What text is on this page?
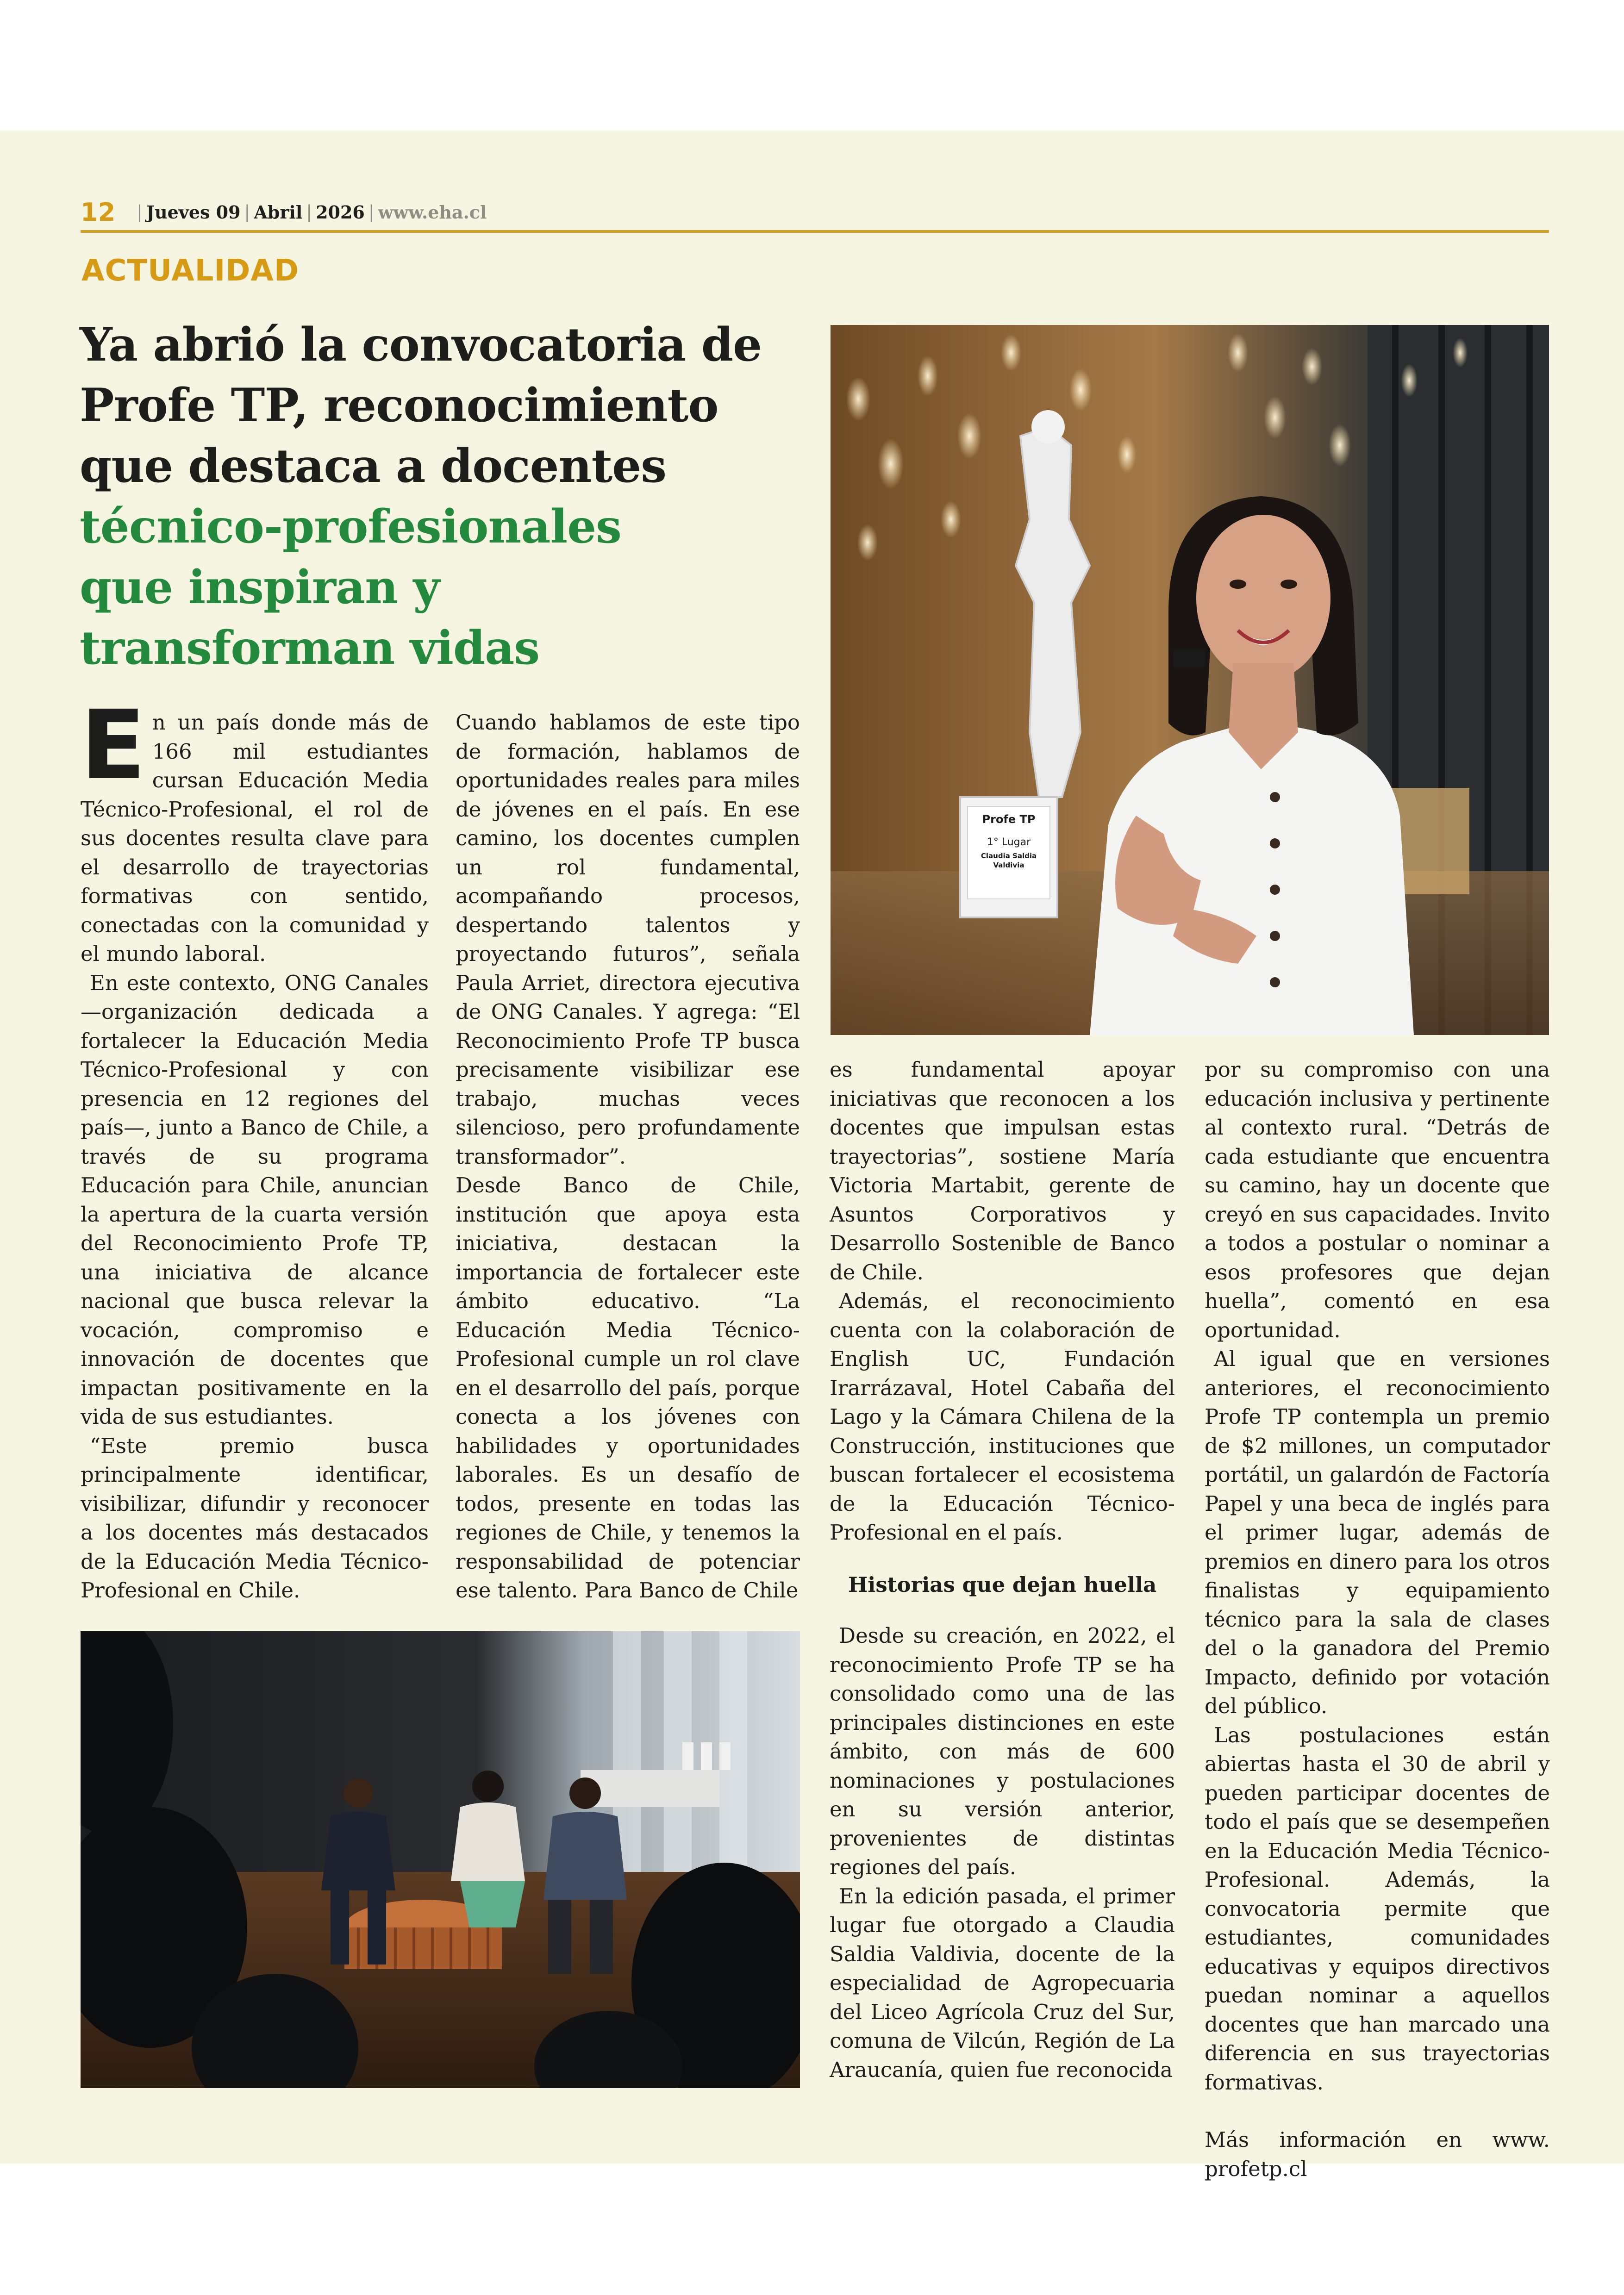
12 | Jueves 09 | Abril | 2026 | www.eha.cl
ACTUALIDAD
Ya abrió la convocatoria de
Profe TP, reconocimiento
que destaca a docentes
técnico-profesionales
que inspiran y
transforman vidas
Profe TP
1° Lugar
Claudia Saldia
Valdivia
E n un país donde más de 166 mil estudiantes cursan Educación Media Técnico-Profesional, el rol de sus docentes resulta clave para el desarrollo de trayectorias formativas con sentido, conectadas con la comunidad y el mundo laboral.

En este contexto, ONG Canales —organización dedicada a fortalecer la Educación Media Técnico-Profesional y con presencia en 12 regiones del país—, junto a Banco de Chile, a través de su programa Educación para Chile, anuncian la apertura de la cuarta versión del Reconocimiento Profe TP, una iniciativa de alcance nacional que busca relevar la vocación, compromiso e innovación de docentes que impactan positivamente en la vida de sus estudiantes.

“Este premio busca principalmente identificar, visibilizar, difundir y reconocer a los docentes más destacados de la Educación Media Técnico-Profesional en Chile.

Cuando hablamos de este tipo de formación, hablamos de oportunidades reales para miles de jóvenes en el país. En ese camino, los docentes cumplen un rol fundamental, acompañando procesos, despertando talentos y proyectando futuros”, señala Paula Arriet, directora ejecutiva de ONG Canales. Y agrega: “El Reconocimiento Profe TP busca precisamente visibilizar ese trabajo, muchas veces silencioso, pero profundamente transformador”.

Desde Banco de Chile, institución que apoya esta iniciativa, destacan la importancia de fortalecer este ámbito educativo. “La Educación Media Técnico-Profesional cumple un rol clave en el desarrollo del país, porque conecta a los jóvenes con habilidades y oportunidades laborales. Es un desafío de todos, presente en todas las regiones de Chile, y tenemos la responsabilidad de potenciar ese talento. Para Banco de Chile

es fundamental apoyar iniciativas que reconocen a los docentes que impulsan estas trayectorias”, sostiene María Victoria Martabit, gerente de Asuntos Corporativos y Desarrollo Sostenible de Banco de Chile.

Además, el reconocimiento cuenta con la colaboración de English UC, Fundación Irarrázaval, Hotel Cabaña del Lago y la Cámara Chilena de la Construcción, instituciones que buscan fortalecer el ecosistema de la Educación Técnico-Profesional en el país.

Historias que dejan huella

Desde su creación, en 2022, el reconocimiento Profe TP se ha consolidado como una de las principales distinciones en este ámbito, con más de 600 nominaciones y postulaciones en su versión anterior, provenientes de distintas regiones del país.

En la edición pasada, el primer lugar fue otorgado a Claudia Saldia Valdivia, docente de la especialidad de Agropecuaria del Liceo Agrícola Cruz del Sur, comuna de Vilcún, Región de La Araucanía, quien fue reconocida

por su compromiso con una educación inclusiva y pertinente al contexto rural. “Detrás de cada estudiante que encuentra su camino, hay un docente que creyó en sus capacidades. Invito a todos a postular o nominar a esos profesores que dejan huella”, comentó en esa oportunidad.

Al igual que en versiones anteriores, el reconocimiento Profe TP contempla un premio de $2 millones, un computador portátil, un galardón de Factoría Papel y una beca de inglés para el primer lugar, además de premios en dinero para los otros finalistas y equipamiento técnico para la sala de clases del o la ganadora del Premio Impacto, definido por votación del público.

Las postulaciones están abiertas hasta el 30 de abril y pueden participar docentes de todo el país que se desempeñen en la Educación Media Técnico-Profesional. Además, la convocatoria permite que estudiantes, comunidades educativas y equipos directivos puedan nominar a aquellos docentes que han marcado una diferencia en sus trayectorias formativas.

Más información en www. profetp.cl
